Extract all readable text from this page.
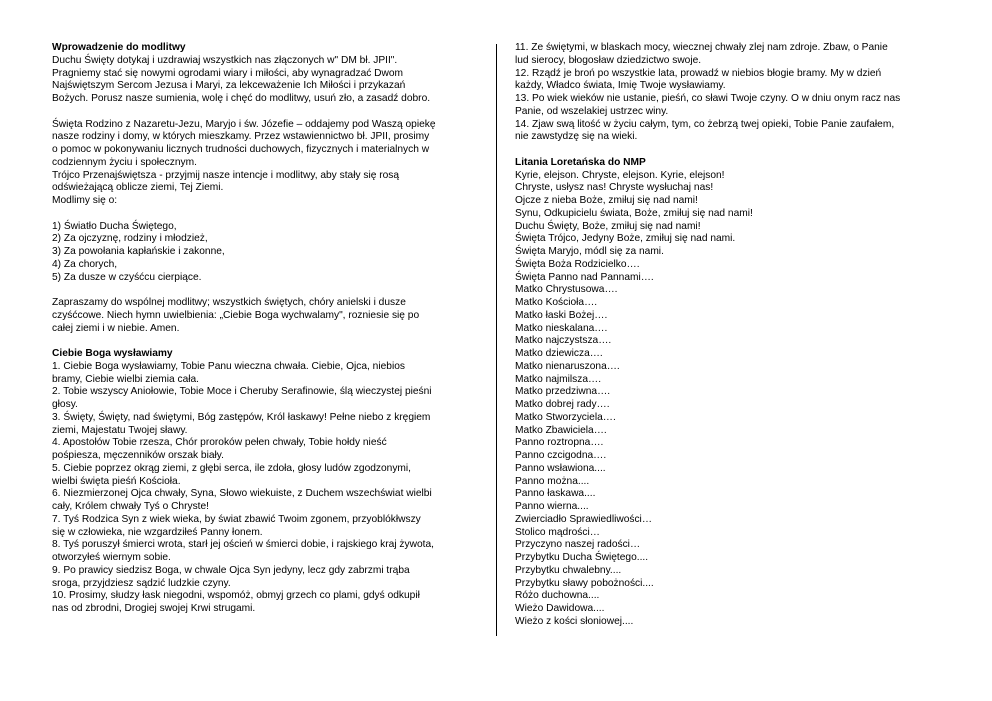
Wprowadzenie do modlitwy
Duchu Święty dotykaj i uzdrawiaj wszystkich nas złączonych w" DM bł. JPII".
Pragniemy stać się nowymi ogrodami wiary i miłości, aby wynagradzać Dwom
Najświętszym Sercom Jezusa i Maryi, za lekceważenie Ich Miłości i przykazań
Bożych. Porusz nasze sumienia, wolę i chęć do modlitwy, usuń zło, a zasadź dobro.
Święta Rodzino z Nazaretu-Jezu, Maryjo i św. Józefie – oddajemy pod Waszą opiekę
nasze rodziny i domy, w których mieszkamy. Przez wstawiennictwo bł. JPII, prosimy
o pomoc w pokonywaniu licznych trudności duchowych, fizycznych i materialnych w
codziennym życiu i społecznym.
Trójco Przenajświętsza - przyjmij nasze intencje i modlitwy, aby stały się rosą
odświeżającą oblicze ziemi, Tej Ziemi.
Modlimy się o:
1) Światło Ducha Świętego,
2) Za ojczyznę, rodziny i młodzież,
3) Za powołania kapłańskie i zakonne,
4) Za chorych,
5) Za dusze w czyśćcu cierpiące.
Zapraszamy do wspólnej modlitwy; wszystkich świętych, chóry anielski i dusze
czyśćcowe. Niech hymn uwielbienia: „Ciebie Boga wychwalamy", rozniesie się po
całej ziemi i w niebie. Amen.
Ciebie Boga wysławiamy
1. Ciebie Boga wysławiamy, Tobie Panu wieczna chwała. Ciebie, Ojca, niebios
bramy, Ciebie wielbi ziemia cała.
2. Tobie wszyscy Aniołowie, Tobie Moce i Cheruby Serafinowie, ślą wieczystej pieśni
głosy.
3. Święty, Święty, nad świętymi, Bóg zastępów, Król łaskawy! Pełne niebo z kręgiem
ziemi, Majestatu Twojej sławy.
4. Apostołów Tobie rzesza, Chór proroków pełen chwały, Tobie hołdy nieść
pośpiesza, męczenników orszak biały.
5. Ciebie poprzez okrąg ziemi, z głębi serca, ile zdoła, głosy ludów zgodzonymi,
wielbi święta pieśń Kościoła.
6. Niezmierzonej Ojca chwały, Syna, Słowo wiekuiste, z Duchem wszechświat wielbi
cały, Królem chwały Tyś o Chryste!
7. Tyś Rodzica Syn z wiek wieka, by świat zbawić Twoim zgonem, przyoblókłwszy
się w człowieka, nie wzgardziłeś Panny łonem.
8. Tyś poruszył śmierci wrota, starł jej oścień w śmierci dobie, i rajskiego kraj żywota,
otworzyłeś wiernym sobie.
9. Po prawicy siedzisz Boga, w chwale Ojca Syn jedyny, lecz gdy zabrzmi trąba
sroga, przyjdziesz sądzić ludzkie czyny.
10. Prosimy, słudzy łask niegodni, wspomóż, obmyj grzech co plami, gdyś odkupił
nas od zbrodni, Drogiej swojej Krwi strugami.
11. Ze świętymi, w blaskach mocy, wiecznej chwały zlej nam zdroje. Zbaw, o Panie
lud sierocy, błogosław dziedzictwo swoje.
12. Rządź je broń po wszystkie lata, prowadź w niebios błogie bramy. My w dzień
każdy, Władco świata, Imię Twoje wysławiamy.
13. Po wiek wieków nie ustanie, pieśń, co sławi Twoje czyny. O w dniu onym racz nas
Panie, od wszelakiej ustrzec winy.
14. Zjaw swą litość w życiu całym, tym, co żebrzą twej opieki, Tobie Panie zaufałem,
nie zawstydzę się na wieki.
Litania Loretańska do NMP
Kyrie, elejson. Chryste, elejson. Kyrie, elejson!
Chryste, usłysz nas! Chryste wysłuchaj nas!
Ojcze z nieba Boże, zmiłuj się nad nami!
Synu, Odkupicielu świata, Boże, zmiłuj się nad nami!
Duchu Święty, Boże, zmiłuj się nad nami!
Święta Trójco, Jedyny Boże, zmiłuj się nad nami.
Święta Maryjo, módl się za nami.
Święta Boża Rodzicielko….
Święta Panno nad Pannami….
Matko Chrystusowa….
Matko Kościoła….
Matko łaski Bożej….
Matko nieskalana….
Matko najczystsza….
Matko dziewicza….
Matko nienaruszona….
Matko najmilsza….
Matko przedziwna….
Matko dobrej rady….
Matko Stworzyciela….
Matko Zbawiciela….
Panno roztropna….
Panno czcigodna….
Panno wsławiona....
Panno można....
Panno łaskawa....
Panno wierna....
Zwierciadło Sprawiedliwości…
Stolico mądrości…
Przyczyno naszej radości…
Przybytku Ducha Świętego....
Przybytku chwalebny....
Przybytku sławy pobożności....
Różo duchowna....
Wieżo Dawidowa....
Wieżo z kości słoniowej....
